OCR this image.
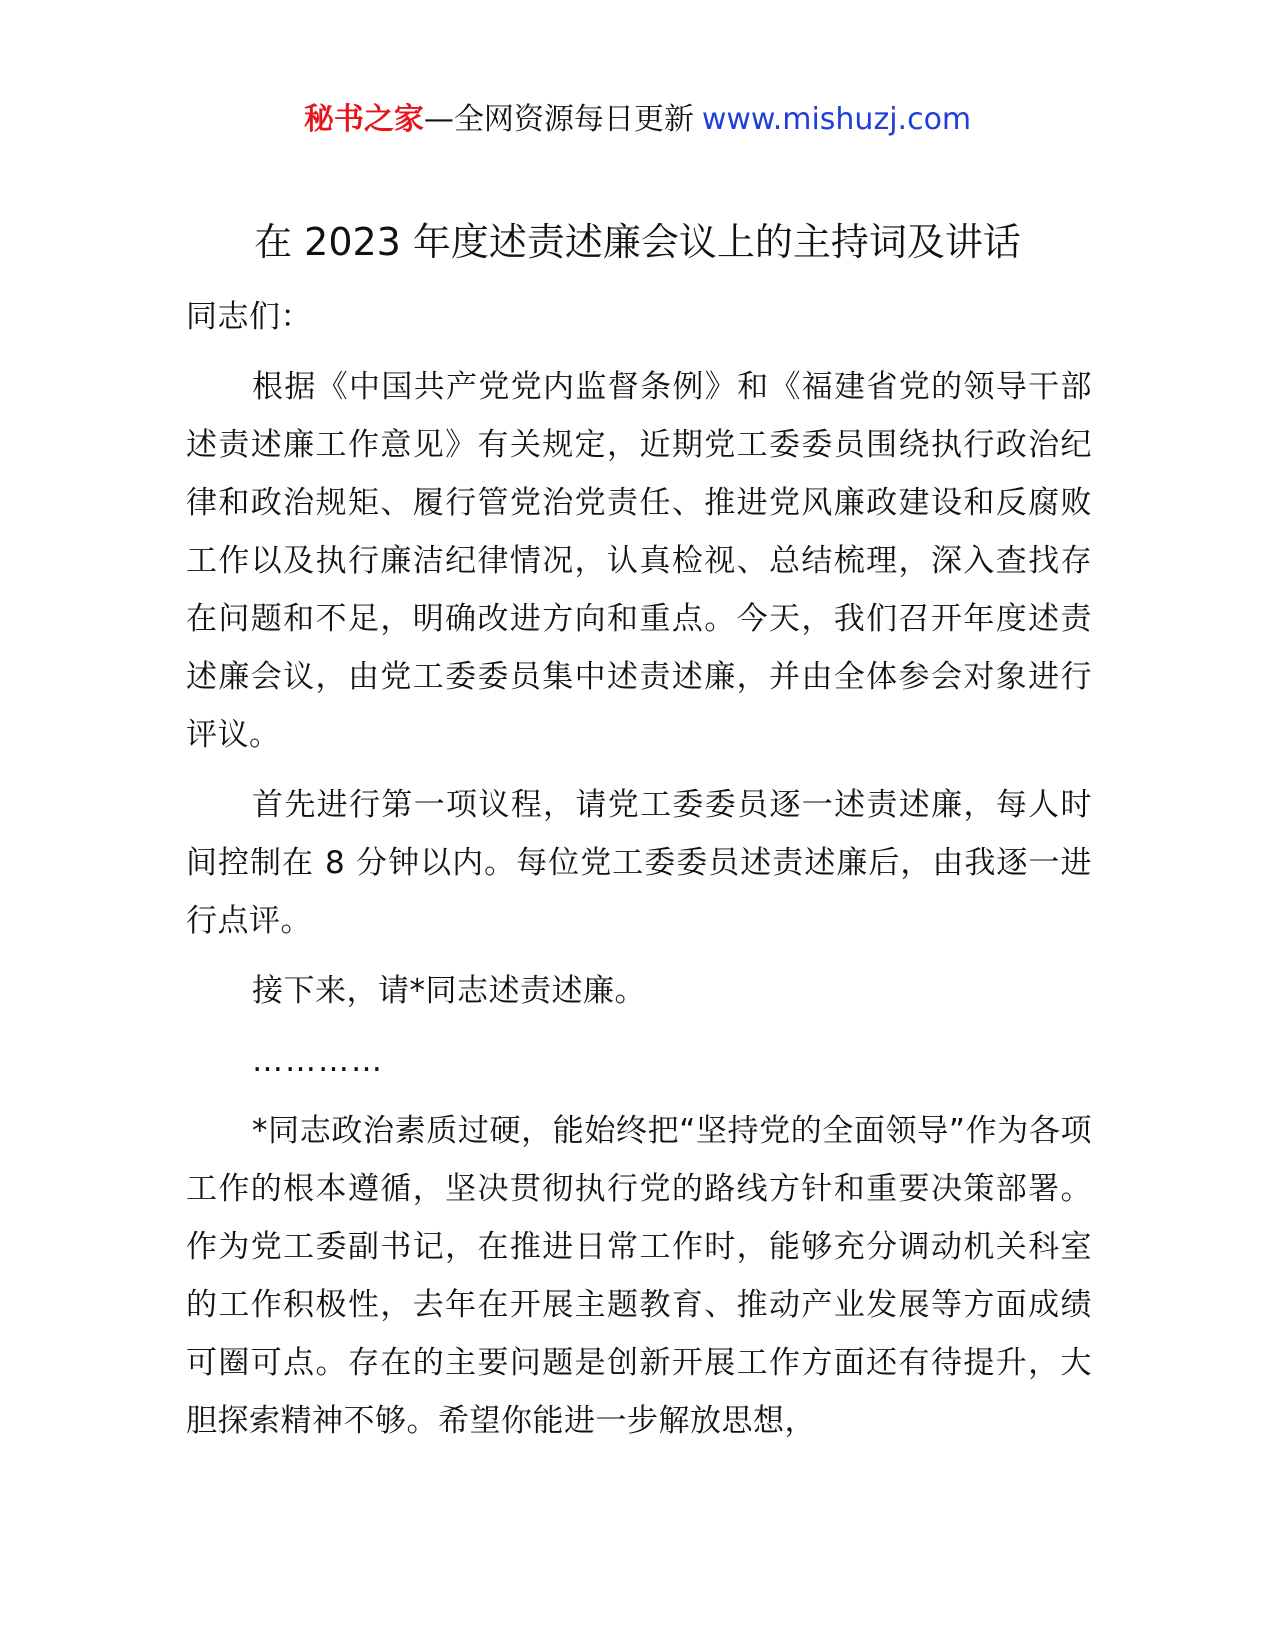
秘书之家—全网资源每日更新 www.mishuzj.com
在 2023 年度述责述廉会议上的主持词及讲话

同志们：

根据《中国共产党党内监督条例》和《福建省党的领导干部述责述廉工作意见》有关规定，近期党工委委员围绕执行政治纪律和政治规矩、履行管党治党责任、推进党风廉政建设和反腐败工作以及执行廉洁纪律情况，认真检视、总结梳理，深入查找存在问题和不足，明确改进方向和重点。今天，我们召开年度述责述廉会议，由党工委委员集中述责述廉，并由全体参会对象进行评议。

首先进行第一项议程，请党工委委员逐一述责述廉，每人时间控制在 8 分钟以内。每位党工委委员述责述廉后，由我逐一进行点评。

接下来，请*同志述责述廉。

…………

*同志政治素质过硬，能始终把“坚持党的全面领导”作为各项工作的根本遵循，坚决贯彻执行党的路线方针和重要决策部署。作为党工委副书记，在推进日常工作时，能够充分调动机关科室的工作积极性，去年在开展主题教育、推动产业发展等方面成绩可圈可点。存在的主要问题是创新开展工作方面还有待提升，大胆探索精神不够。希望你能进一步解放思想，
